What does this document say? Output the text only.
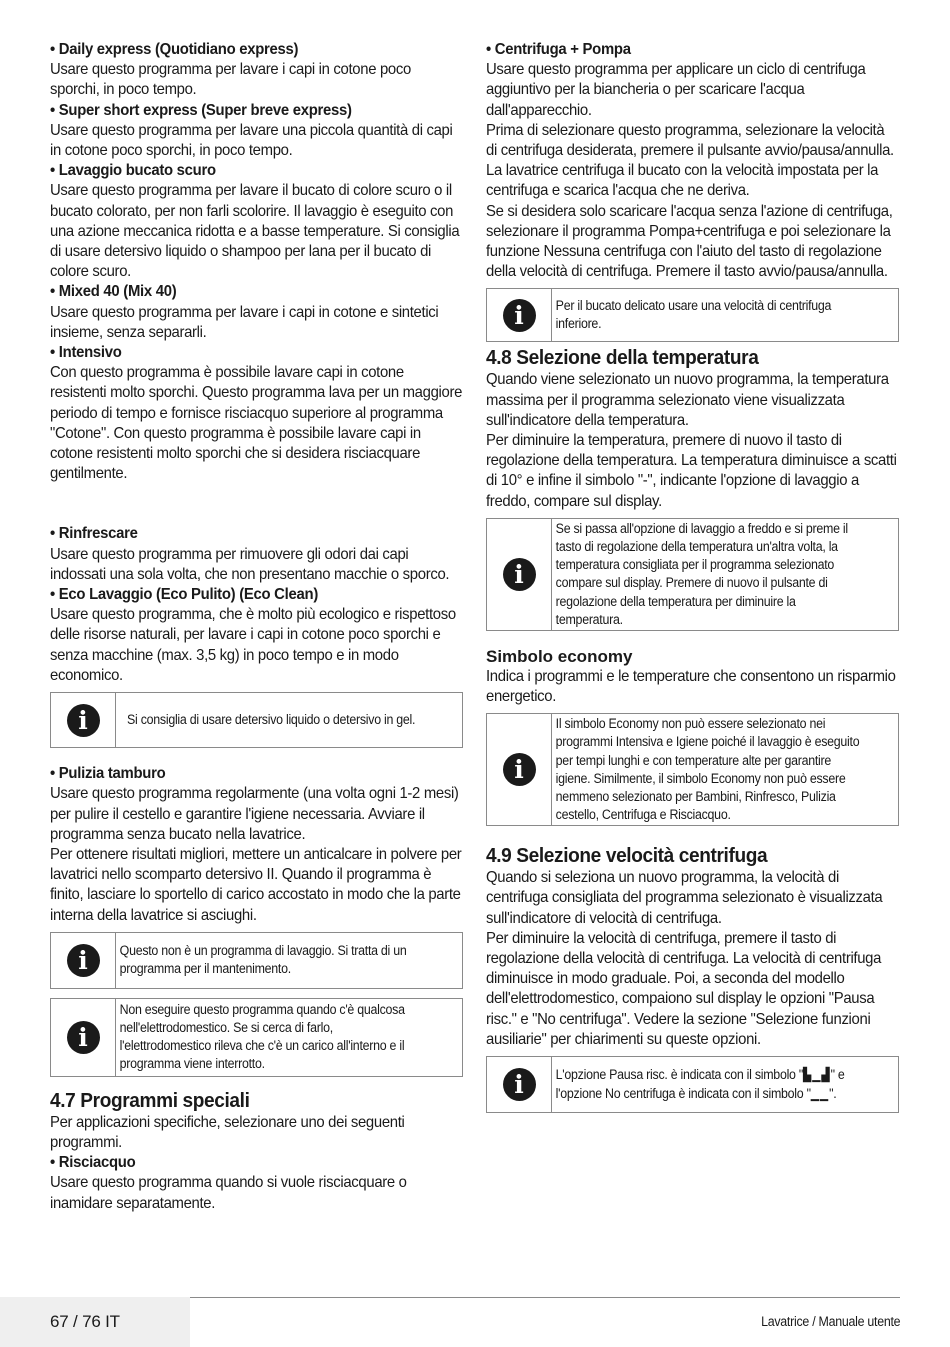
• Daily express (Quotidiano express)
Usare questo programma per lavare i capi in cotone poco sporchi, in poco tempo.
• Super short express (Super breve express)
Usare questo programma per lavare una piccola quantità di capi in cotone poco sporchi, in poco tempo.
• Lavaggio bucato scuro
Usare questo programma per lavare il bucato di colore scuro o il bucato colorato, per non farli scolorire. Il lavaggio è eseguito con una azione meccanica ridotta e a basse temperature. Si consiglia di usare detersivo liquido o shampoo per lana per il bucato di colore scuro.
• Mixed 40 (Mix 40)
Usare questo programma per lavare i capi in cotone e sintetici insieme, senza separarli.
• Intensivo
Con questo programma è possibile lavare capi in cotone resistenti molto sporchi. Questo programma lava per un maggiore periodo di tempo e fornisce risciacquo superiore al programma "Cotone". Con questo programma è possibile lavare capi in cotone resistenti molto sporchi che si desidera risciacquare gentilmente.
• Rinfrescare
Usare questo programma per rimuovere gli odori dai capi indossati una sola volta, che non presentano macchie o sporco.
• Eco Lavaggio (Eco Pulito) (Eco Clean)
Usare questo programma, che è molto più ecologico e rispettoso delle risorse naturali, per lavare i capi in cotone poco sporchi e senza macchine (max. 3,5 kg) in poco tempo e in modo economico.
i	Si consiglia di usare detersivo liquido o detersivo in gel.
• Pulizia tamburo
Usare questo programma regolarmente (una volta ogni 1-2 mesi) per pulire il cestello e garantire l'igiene necessaria. Avviare il programma senza bucato nella lavatrice.
Per ottenere risultati migliori, mettere un anticalcare in polvere per lavatrici nello scomparto detersivo II. Quando il programma è finito, lasciare lo sportello di carico accostato in modo che la parte interna della lavatrice si asciughi.
i	Questo non è un programma di lavaggio. Si tratta di un programma per il mantenimento.
i
Non eseguire questo programma quando c'è qualcosa nell'elettrodomestico. Se si cerca di farlo, l'elettrodomestico rileva che c'è un carico all'interno e il programma viene interrotto.
4.7 Programmi speciali
Per applicazioni specifiche, selezionare uno dei seguenti programmi.
• Risciacquo
Usare questo programma quando si vuole risciacquare o inamidare separatamente.
• Centrifuga + Pompa
Usare questo programma per applicare un ciclo di centrifuga aggiuntivo per la biancheria o per scaricare l'acqua dall'apparecchio.
Prima di selezionare questo programma, selezionare la velocità di centrifuga desiderata, premere il pulsante avvio/pausa/annulla. La lavatrice centrifuga il bucato con la velocità impostata per la centrifuga e scarica l'acqua che ne deriva.
Se si desidera solo scaricare l'acqua senza l'azione di centrifuga, selezionare il programma Pompa+centrifuga e poi selezionare la funzione Nessuna centrifuga con l'aiuto del tasto di regolazione della velocità di centrifuga. Premere il tasto avvio/pausa/annulla.
i	Per il bucato delicato usare una velocità di centrifuga inferiore.
4.8 Selezione della temperatura
Quando viene selezionato un nuovo programma, la temperatura massima per il programma selezionato viene visualizzata sull'indicatore della temperatura.
Per diminuire la temperatura, premere di nuovo il tasto di regolazione della temperatura. La temperatura diminuisce a scatti di 10° e infine il simbolo "-", indicante l'opzione di lavaggio a freddo, compare sul display.
i
Se si passa all'opzione di lavaggio a freddo e si preme il tasto di regolazione della temperatura un'altra volta, la temperatura consigliata per il programma selezionato compare sul display. Premere di nuovo il pulsante di regolazione della temperatura per diminuire la temperatura.
Simbolo economy
Indica i programmi e le temperature che consentono un risparmio energetico.
i
Il simbolo Economy non può essere selezionato nei programmi Intensiva e Igiene poiché il lavaggio è eseguito per tempi lunghi e con temperature alte per garantire igiene. Similmente, il simbolo Economy non può essere nemmeno selezionato per Bambini, Rinfresco, Pulizia cestello, Centrifuga e Risciacquo.
4.9 Selezione velocità centrifuga
Quando si seleziona un nuovo programma, la velocità di centrifuga consigliata del programma selezionato è visualizzata sull'indicatore di velocità di centrifuga.
Per diminuire la velocità di centrifuga, premere il tasto di regolazione della velocità di centrifuga. La velocità di centrifuga diminuisce in modo graduale. Poi, a seconda del modello dell'elettrodomestico, compaiono sul display le opzioni "Pausa risc." e "No centrifuga". Vedere la sezione "Selezione funzioni ausiliarie" per chiarimenti su queste opzioni.
i	L'opzione Pausa risc. è indicata con il simbolo "▙▁▟" e l'opzione No centrifuga è indicata con il simbolo "▁▁".
67 / 76 IT	Lavatrice / Manuale utente
